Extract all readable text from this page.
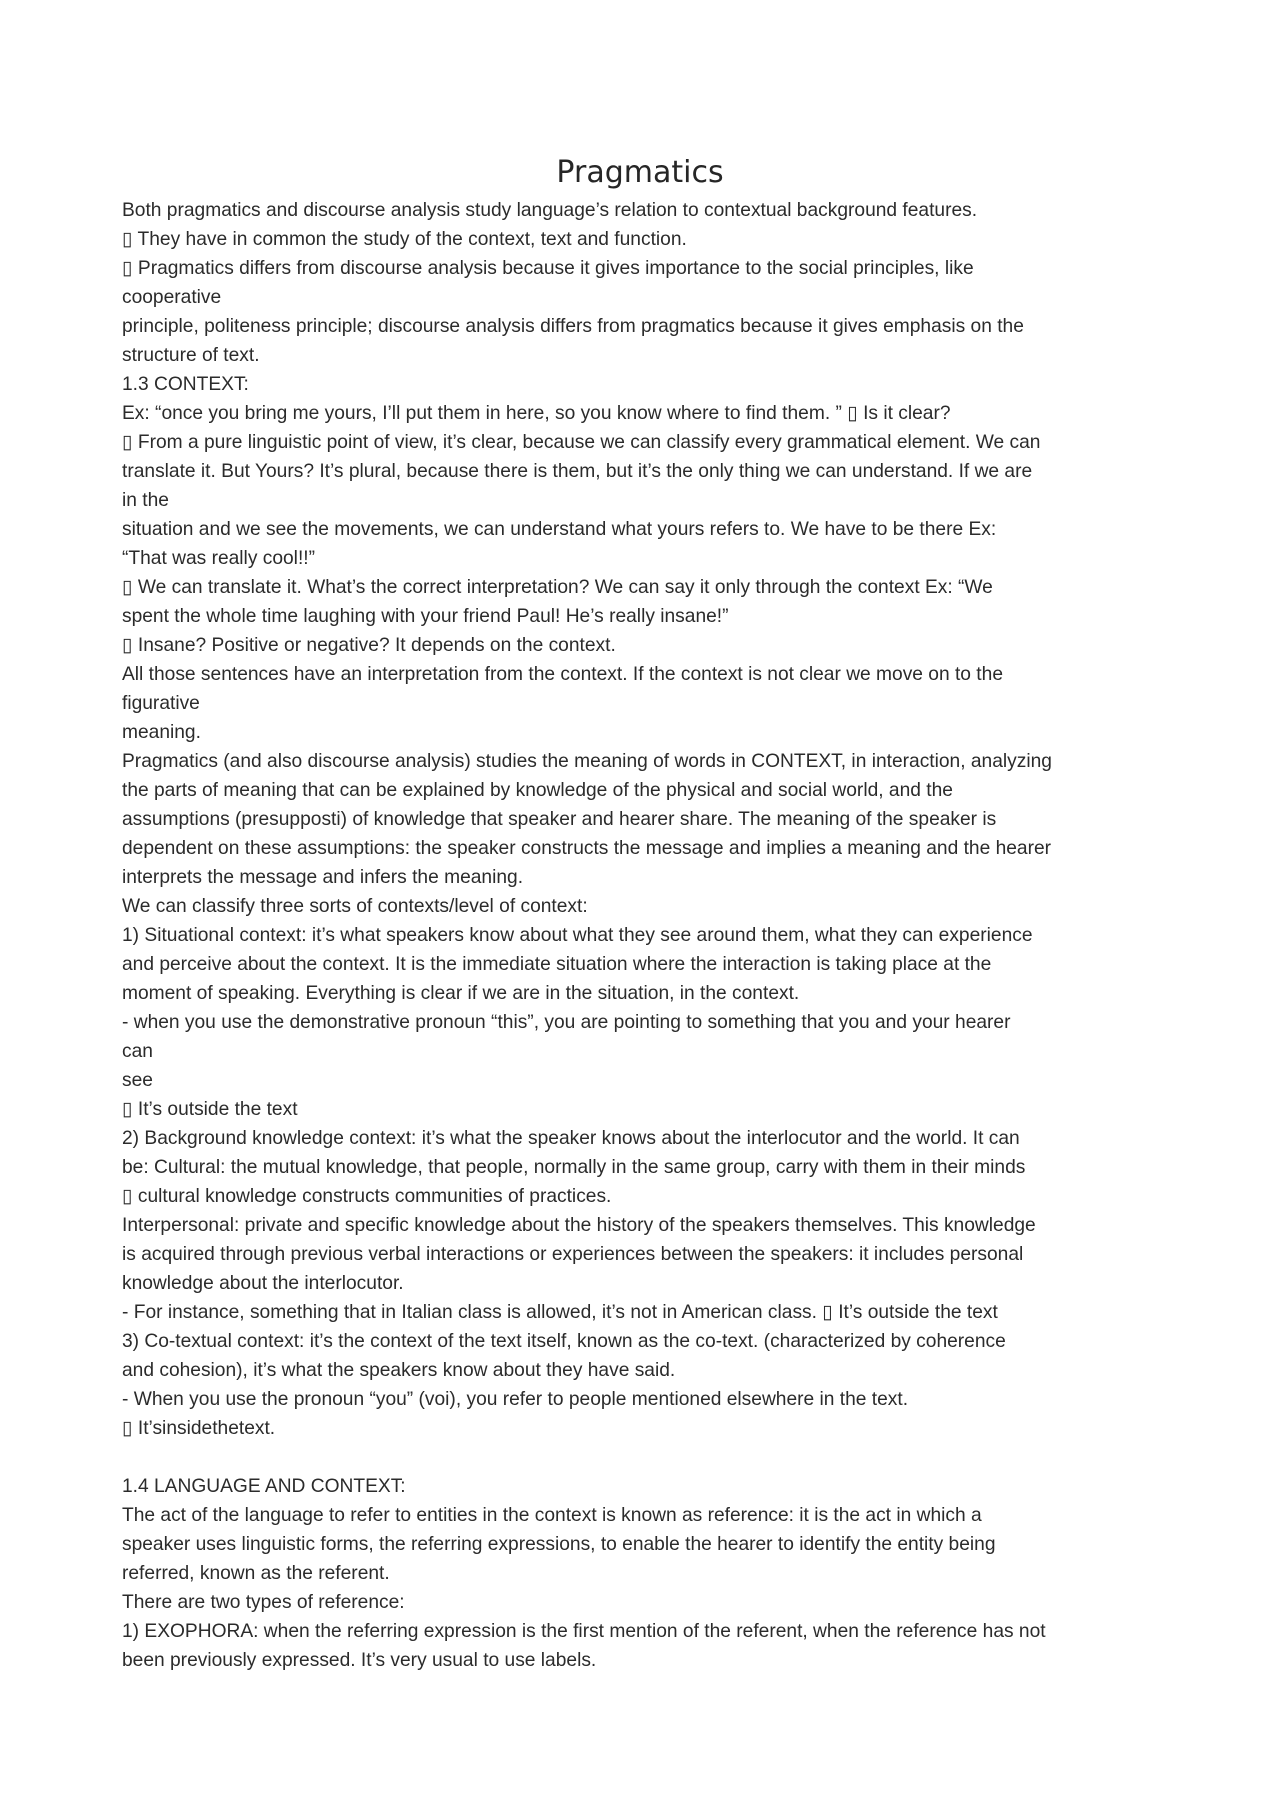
Pragmatics
Both pragmatics and discourse analysis study language’s relation to contextual background features.
▯ They have in common the study of the context, text and function.
▯ Pragmatics differs from discourse analysis because it gives importance to the social principles, like
cooperative
principle, politeness principle; discourse analysis differs from pragmatics because it gives emphasis on the
structure of text.
1.3 CONTEXT:
Ex: “once you bring me yours, I’ll put them in here, so you know where to find them. ” ▯ Is it clear?
▯ From a pure linguistic point of view, it’s clear, because we can classify every grammatical element. We can
translate it. But Yours? It’s plural, because there is them, but it’s the only thing we can understand. If we are
in the
situation and we see the movements, we can understand what yours refers to. We have to be there Ex:
“That was really cool!!”
▯ We can translate it. What’s the correct interpretation? We can say it only through the context Ex: “We
spent the whole time laughing with your friend Paul! He’s really insane!”
▯ Insane? Positive or negative? It depends on the context.
All those sentences have an interpretation from the context. If the context is not clear we move on to the
figurative
meaning.
Pragmatics (and also discourse analysis) studies the meaning of words in CONTEXT, in interaction, analyzing
the parts of meaning that can be explained by knowledge of the physical and social world, and the
assumptions (presupposti) of knowledge that speaker and hearer share. The meaning of the speaker is
dependent on these assumptions: the speaker constructs the message and implies a meaning and the hearer
interprets the message and infers the meaning.
We can classify three sorts of contexts/level of context:
1) Situational context: it’s what speakers know about what they see around them, what they can experience
and perceive about the context. It is the immediate situation where the interaction is taking place at the
moment of speaking. Everything is clear if we are in the situation, in the context.
- when you use the demonstrative pronoun “this”, you are pointing to something that you and your hearer
can
see
▯ It’s outside the text
2) Background knowledge context: it’s what the speaker knows about the interlocutor and the world. It can
be: Cultural: the mutual knowledge, that people, normally in the same group, carry with them in their minds
▯ cultural knowledge constructs communities of practices.
Interpersonal: private and specific knowledge about the history of the speakers themselves. This knowledge
is acquired through previous verbal interactions or experiences between the speakers: it includes personal
knowledge about the interlocutor.
- For instance, something that in Italian class is allowed, it’s not in American class. ▯ It’s outside the text
3) Co-textual context: it’s the context of the text itself, known as the co-text. (characterized by coherence
and cohesion), it’s what the speakers know about they have said.
- When you use the pronoun “you” (voi), you refer to people mentioned elsewhere in the text.
▯ It’sinsidethetext.
1.4 LANGUAGE AND CONTEXT:
The act of the language to refer to entities in the context is known as reference: it is the act in which a
speaker uses linguistic forms, the referring expressions, to enable the hearer to identify the entity being
referred, known as the referent.
There are two types of reference:
1) EXOPHORA: when the referring expression is the first mention of the referent, when the reference has not
been previously expressed. It’s very usual to use labels.
